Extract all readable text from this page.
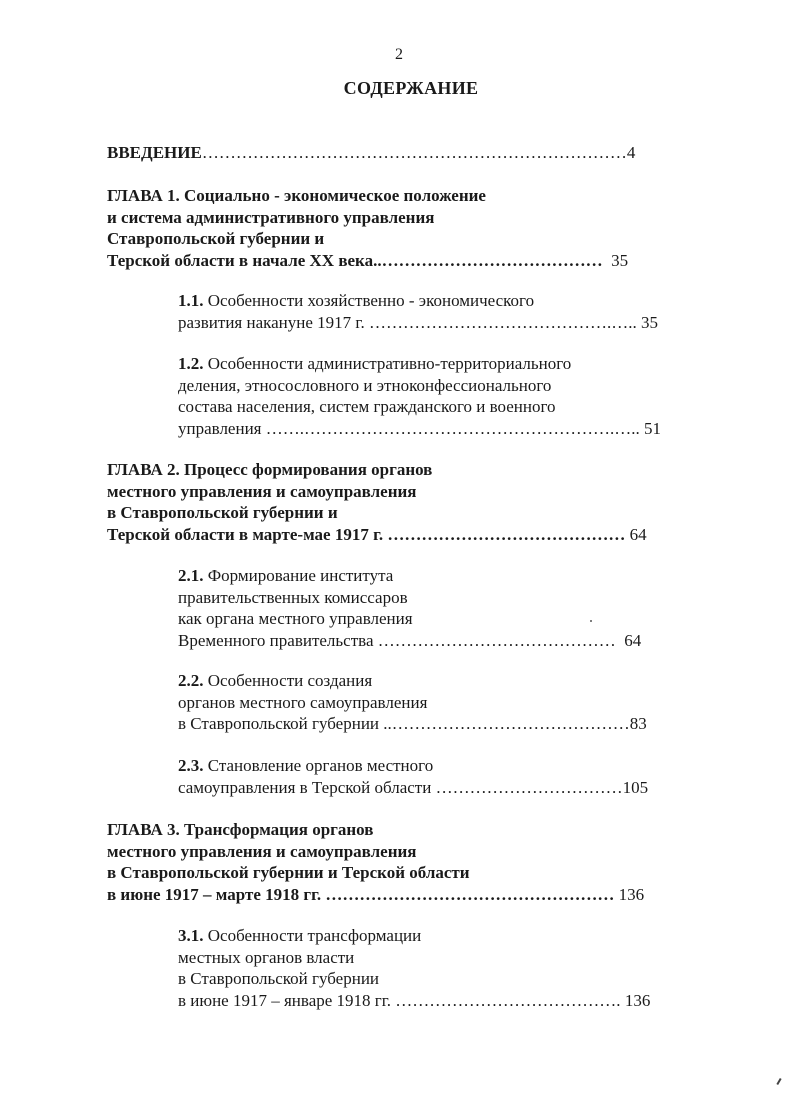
2
СОДЕРЖАНИЕ
ВВЕДЕНИЕ…………………………………………………………………4
ГЛАВА 1. Социально - экономическое положение
и система административного управления
Ставропольской губернии и
Терской области в начале XX века..………………………………… 35
1.1. Особенности хозяйственно - экономического
развития накануне 1917 г. …………………………………….….. 35
1.2. Особенности административно-территориального
деления, этносословного и этноконфессионального
состава населения, систем гражданского и военного
управления …….……………………………………………….….. 51
ГЛАВА 2. Процесс формирования органов
местного управления и самоуправления
в Ставропольской губернии и
Терской области в марте-мае 1917 г. …………………………………… 64
2.1. Формирование института
правительственных комиссаров
как органа местного управления
Временного правительства …………………………………… 64
2.2. Особенности создания
органов местного самоуправления
в Ставропольской губернии ..……………………………………83
2.3. Становление органов местного
самоуправления в Терской области ……………………………105
ГЛАВА 3. Трансформация органов
местного управления и самоуправления
в Ставропольской губернии и Терской области
в июне 1917 – марте 1918 гг. …………………………………………… 136
3.1. Особенности трансформации
местных органов власти
в Ставропольской губернии
в июне 1917 – январе 1918 гг. …………………………………. 136
